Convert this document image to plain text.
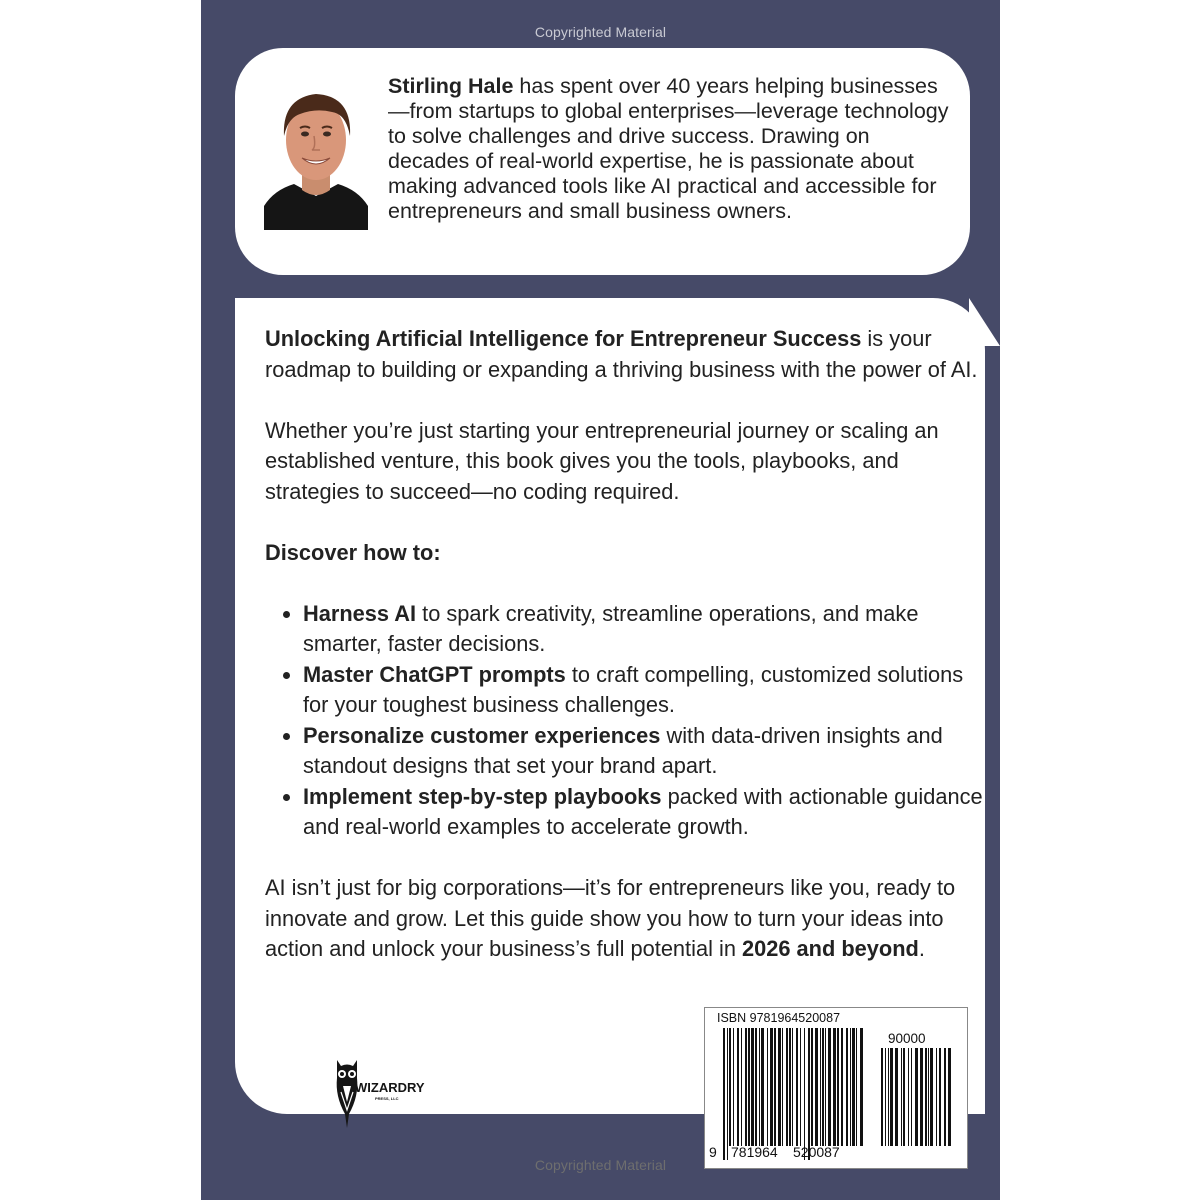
Copyrighted Material
Stirling Hale has spent over 40 years helping businesses—from startups to global enterprises—leverage technology to solve challenges and drive success. Drawing on decades of real-world expertise, he is passionate about making advanced tools like AI practical and accessible for entrepreneurs and small business owners.

Unlocking Artificial Intelligence for Entrepreneur Success is your roadmap to building or expanding a thriving business with the power of AI.

Whether you’re just starting your entrepreneurial journey or scaling an established venture, this book gives you the tools, playbooks, and strategies to succeed—no coding required.

Discover how to:

• Harness AI to spark creativity, streamline operations, and make smarter, faster decisions.
• Master ChatGPT prompts to craft compelling, customized solutions for your toughest business challenges.
• Personalize customer experiences with data-driven insights and standout designs that set your brand apart.
• Implement step-by-step playbooks packed with actionable guidance and real-world examples to accelerate growth.

AI isn’t just for big corporations—it’s for entrepreneurs like you, ready to innovate and grow. Let this guide show you how to turn your ideas into action and unlock your business’s full potential in 2026 and beyond.

WIZARDRY
PRESS, LLC
Copyrighted Material
ISBN 9781964520087
90000
9 781964 520087
